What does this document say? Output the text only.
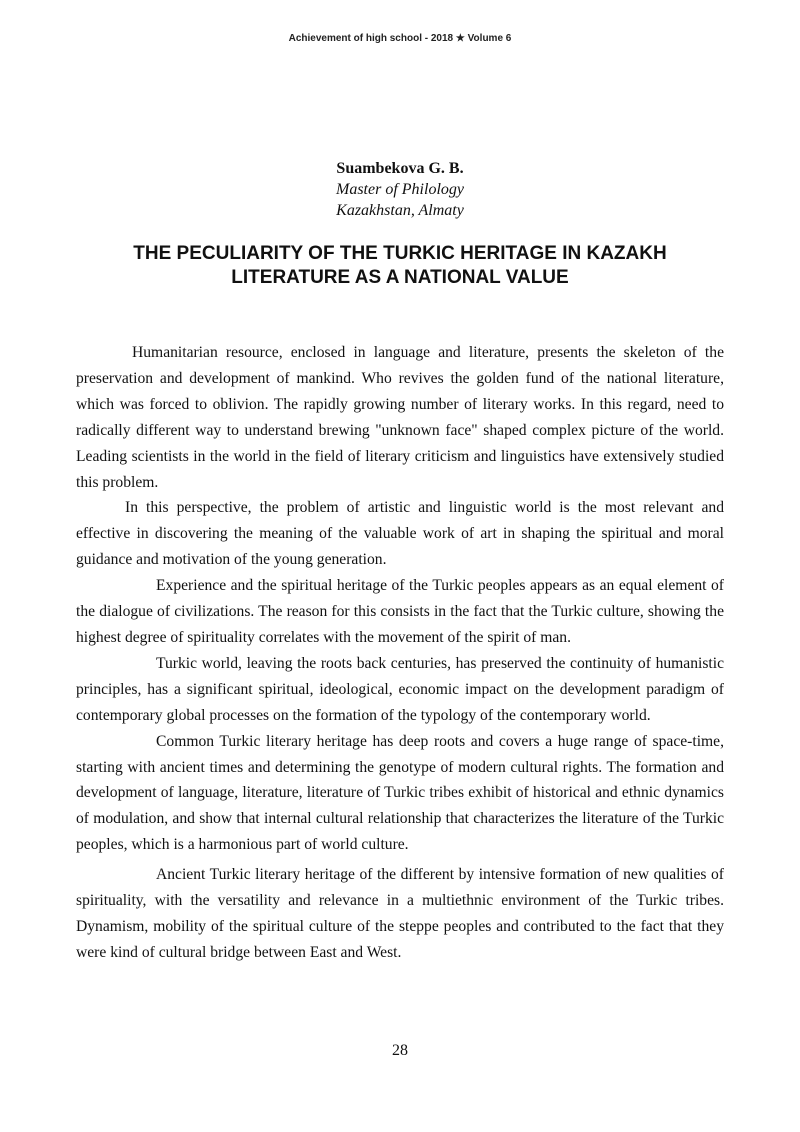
Achievement of high school - 2018 ★ Volume 6
Suambekova G. B.
Master of Philology
Kazakhstan, Almaty
THE PECULIARITY OF THE TURKIC HERITAGE IN KAZAKH LITERATURE AS A NATIONAL VALUE

Humanitarian resource, enclosed in language and literature, presents the skeleton of the preservation and development of mankind. Who revives the golden fund of the national literature, which was forced to oblivion. The rapidly growing number of literary works. In this regard, need to radically different way to understand brewing "unknown face" shaped complex picture of the world. Leading scientists in the world in the field of literary criticism and linguistics have extensively studied this problem.

In this perspective, the problem of artistic and linguistic world is the most relevant and effective in discovering the meaning of the valuable work of art in shaping the spiritual and moral guidance and motivation of the young generation.

Experience and the spiritual heritage of the Turkic peoples appears as an equal element of the dialogue of civilizations. The reason for this consists in the fact that the Turkic culture, showing the highest degree of spirituality correlates with the movement of the spirit of man.

Turkic world, leaving the roots back centuries, has preserved the continuity of humanistic principles, has a significant spiritual, ideological, economic impact on the development paradigm of contemporary global processes on the formation of the typology of the contemporary world.

Common Turkic literary heritage has deep roots and covers a huge range of space-time, starting with ancient times and determining the genotype of modern cultural rights. The formation and development of language, literature, literature of Turkic tribes exhibit of historical and ethnic dynamics of modulation, and show that internal cultural relationship that characterizes the literature of the Turkic peoples, which is a harmonious part of world culture.

Ancient Turkic literary heritage of the different by intensive formation of new qualities of spirituality, with the versatility and relevance in a multiethnic environment of the Turkic tribes. Dynamism, mobility of the spiritual culture of the steppe peoples and contributed to the fact that they were kind of cultural bridge between East and West.

28
